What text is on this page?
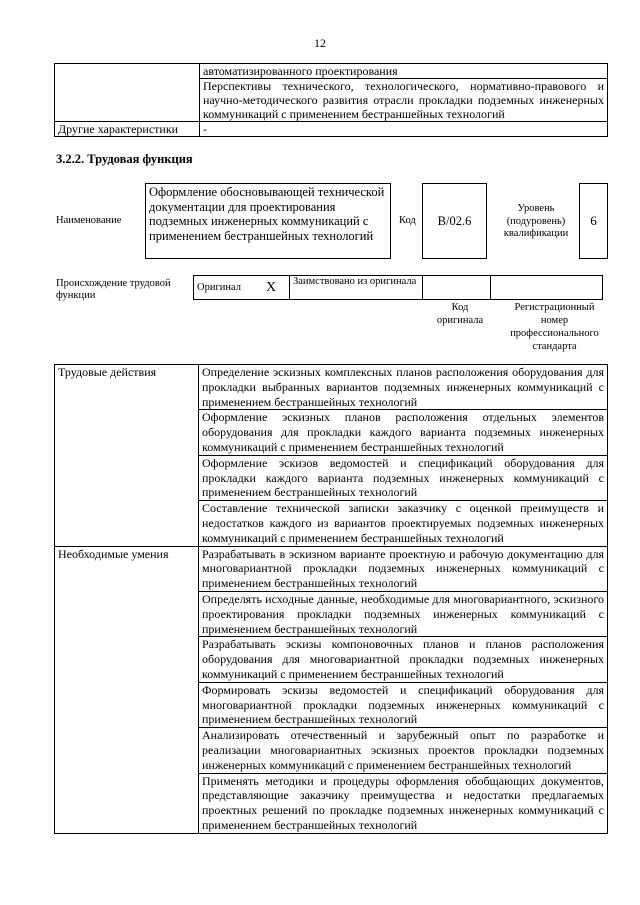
12
	автоматизированного проектирования
	Перспективы технического, технологического, нормативно-правового и научно-методического развития отрасли прокладки подземных инженерных коммуникаций с применением бестраншейных технологий
Другие характеристики	-
3.2.2. Трудовая функция
Наименование
Оформление обосновывающей технической документации для проектирования подземных инженерных коммуникаций с применением бестраншейных технологий
Код B/02.6
Уровень (подуровень) квалификации
6
Происхождение трудовой функции
Оригинал	X	Заимствовано из оригинала		
Код оригинала
Регистрационный номер профессионального стандарта
Трудовые действия	Определение эскизных комплексных планов расположения оборудования для прокладки выбранных вариантов подземных инженерных коммуникаций с применением бестраншейных технологий
	Оформление эскизных планов расположения отдельных элементов оборудования для прокладки каждого варианта подземных инженерных коммуникаций с применением бестраншейных технологий
	Оформление эскизов ведомостей и спецификаций оборудования для прокладки каждого варианта подземных инженерных коммуникаций с применением бестраншейных технологий
	Составление технической записки заказчику с оценкой преимуществ и недостатков каждого из вариантов проектируемых подземных инженерных коммуникаций с применением бестраншейных технологий
Необходимые умения	Разрабатывать в эскизном варианте проектную и рабочую документацию для многовариантной прокладки подземных инженерных коммуникаций с применением бестраншейных технологий
	Определять исходные данные, необходимые для многовариантного, эскизного проектирования прокладки подземных инженерных коммуникаций с применением бестраншейных технологий
	Разрабатывать эскизы компоновочных планов и планов расположения оборудования для многовариантной прокладки подземных инженерных коммуникаций с применением бестраншейных технологий
	Формировать эскизы ведомостей и спецификаций оборудования для многовариантной прокладки подземных инженерных коммуникаций с применением бестраншейных технологий
	Анализировать отечественный и зарубежный опыт по разработке и реализации многовариантных эскизных проектов прокладки подземных инженерных коммуникаций с применением бестраншейных технологий
	Применять методики и процедуры оформления обобщающих документов, представляющие заказчику преимущества и недостатки предлагаемых проектных решений по прокладке подземных инженерных коммуникаций с применением бестраншейных технологий
